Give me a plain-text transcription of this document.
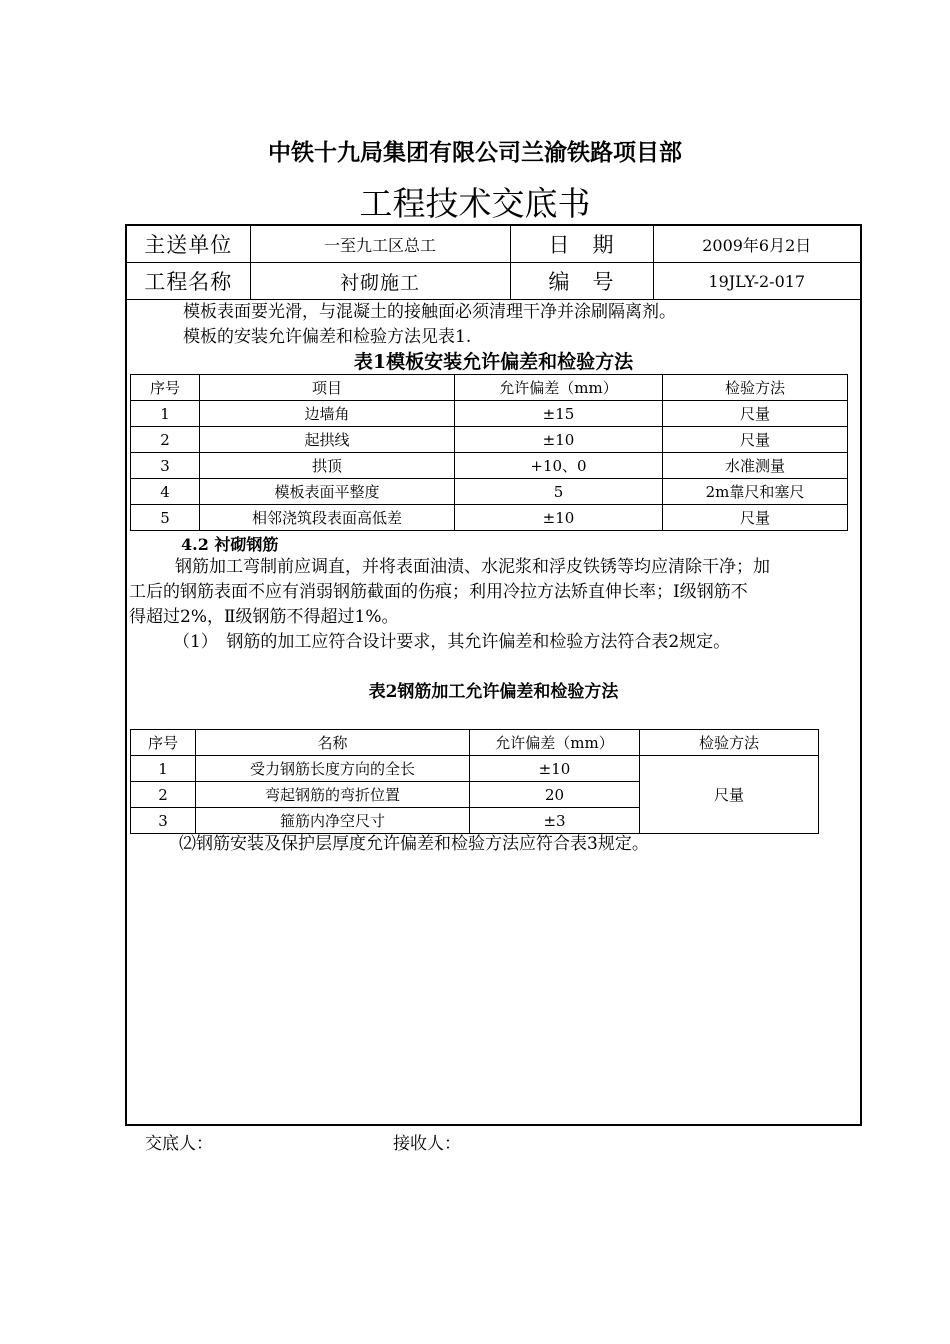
中铁十九局集团有限公司兰渝铁路项目部
工程技术交底书
主送单位	一至九工区总工	日　期	2009年6月2日
工程名称	衬砌施工	编　号	19JLY-2-017
模板表面要光滑，与混凝土的接触面必须清理干净并涂刷隔离剂。
模板的安装允许偏差和检验方法见表1.
表1模板安装允许偏差和检验方法
序号	项目	允许偏差（mm）	检验方法
1	边墙角	±15	尺量
2	起拱线	±10	尺量
3	拱顶	+10、0	水准测量
4	模板表面平整度	5	2m靠尺和塞尺
5	相邻浇筑段表面高低差	±10	尺量
4.2 衬砌钢筋
钢筋加工弯制前应调直，并将表面油渍、水泥浆和浮皮铁锈等均应清除干净；加
工后的钢筋表面不应有消弱钢筋截面的伤痕；利用冷拉方法矫直伸长率；Ⅰ级钢筋不
得超过2%，Ⅱ级钢筋不得超过1%。
（1）　钢筋的加工应符合设计要求，其允许偏差和检验方法符合表2规定。
表2钢筋加工允许偏差和检验方法
序号	名称	允许偏差（mm）	检验方法
1	受力钢筋长度方向的全长	±10	尺量
2	弯起钢筋的弯折位置	20	
3	箍筋内净空尺寸	±3	
⑵钢筋安装及保护层厚度允许偏差和检验方法应符合表3规定。
交底人：	接收人：
